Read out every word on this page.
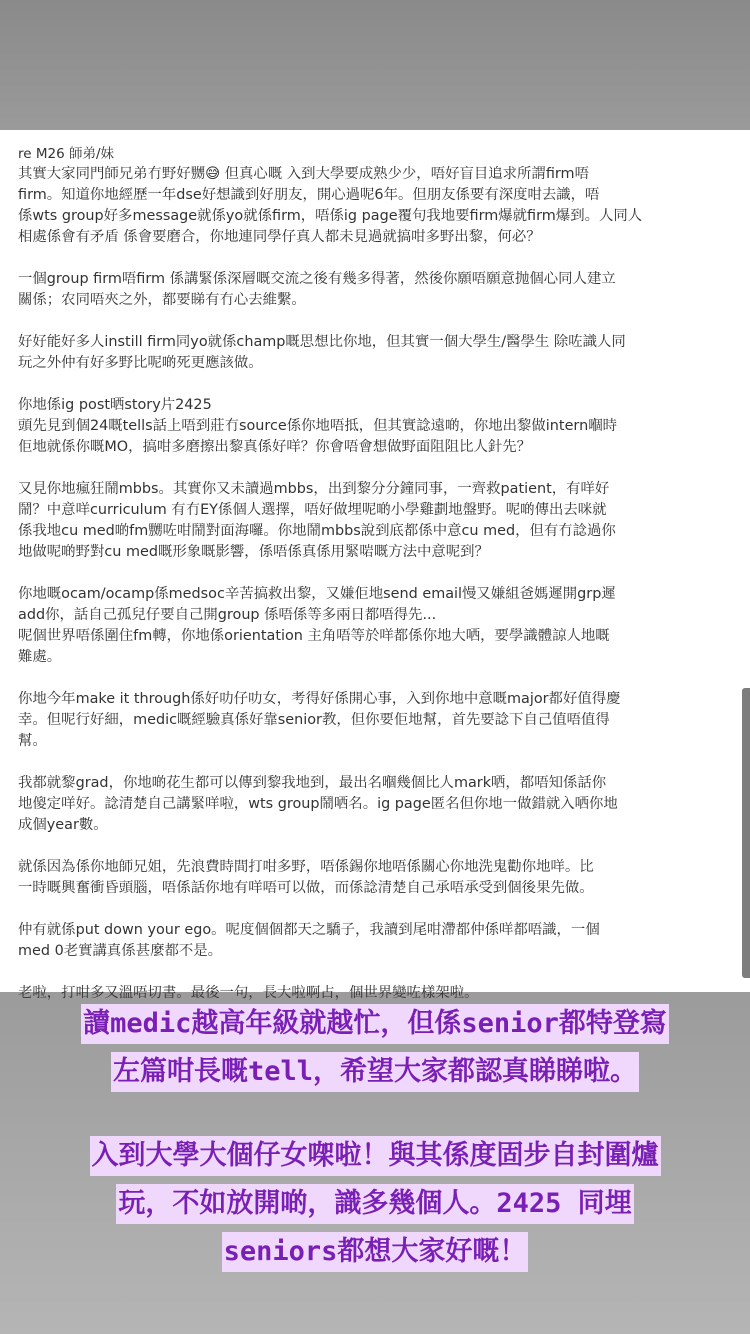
re M26 師弟/妹
其實大家同門師兄弟冇野好嬲😅 但真心嘅 入到大學要成熟少少，唔好盲目追求所謂firm唔
firm。知道你地經歷一年dse好想識到好朋友，開心過呢6年。但朋友係要有深度咁去識，唔
係wts group好多message就係yo就係firm，唔係ig page覆句我地要firm爆就firm爆到。人同人
相處係會有矛盾 係會要磨合，你地連同學仔真人都未見過就搞咁多野出黎，何必？
一個group firm唔firm 係講緊係深層嘅交流之後有幾多得著，然後你願唔願意抛個心同人建立
關係；农同唔夾之外，都要睇有冇心去維繫。
好好能好多人instill firm同yo就係champ嘅思想比你地，但其實一個大學生/醫學生 除咗識人同
玩之外仲有好多野比呢啲死更應該做。
你地係ig post晒story片2425
頭先見到個24嘅tells話上唔到莊冇source係你地唔抵，但其實諗遠啲，你地出黎做intern嗰時
佢地就係你嘅MO，搞咁多磨擦出黎真係好咩？你會唔會想做野面阻阻比人針先？
又見你地瘋狂鬧mbbs。其實你又未讀過mbbs，出到黎分分鐘同事，一齊救patient，有咩好
鬧？中意咩curriculum 有冇EY係個人選擇，唔好做埋呢啲小學雞劃地盤野。呢啲傳出去咪就
係我地cu med啲fm嬲咗咁鬧對面海囉。你地鬧mbbs說到底都係中意cu med，但有冇諗過你
地做呢啲野對cu med嘅形象嘅影響，係唔係真係用緊啱嘅方法中意呢到？
你地嘅ocam/ocamp係medsoc辛苦搞救出黎，又嫌佢地send email慢又嫌組爸媽遲開grp遲
add你，話自己孤兒仔要自己開group 係唔係等多兩日都唔得先...
呢個世界唔係圍住fm轉，你地係orientation 主角唔等於咩都係你地大哂，要學識體諒人地嘅
難處。
你地今年make it through係好叻仔叻女，考得好係開心事，入到你地中意嘅major都好值得慶
幸。但呢行好細，medic嘅經驗真係好靠senior教，但你要佢地幫，首先要諗下自己值唔值得
幫。
我都就黎grad，你地啲花生都可以傳到黎我地到，最出名嗰幾個比人mark哂，都唔知係話你
地傻定咩好。諗清楚自己講緊咩啦，wts group鬧哂名。ig page匿名但你地一做錯就入哂你地
成個year數。
就係因為係你地師兄姐，先浪費時間打咁多野，唔係錫你地唔係關心你地洗鬼勸你地咩。比
一時嘅興奮衝昏頭腦，唔係話你地有咩唔可以做，而係諗清楚自己承唔承受到個後果先做。
仲有就係put down your ego。呢度個個都天之驕子，我讀到尾咁滯都仲係咩都唔識，一個
med 0老實講真係甚麼都不是。
老啦，打咁多又溫唔切書。最後一句，長大啦啊占，個世界變咗樣架啦。
讀medic越高年級就越忙，但係senior都特登寫
左篇咁長嘅tell，希望大家都認真睇睇啦。
入到大學大個仔女㗎啦！與其係度固步自封圍爐
玩，不如放開啲，識多幾個人。2425 同埋
seniors都想大家好嘅！
